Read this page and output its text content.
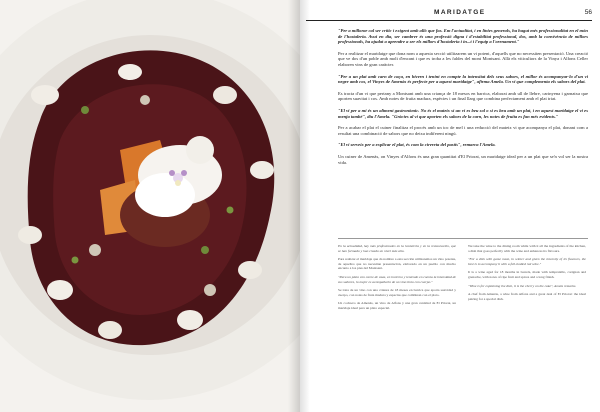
MARIDATGE	56

"Per a millorar cal ser crític i exigent amb allò que fas. Em l'actualitat, i en línies generals, ha hagut més professionalitat en el món de l'hostaleria. Avui en dia, ser cambrer és una professió digna i d'estabilitat professional, dos, amb la convivència de millors professionals, ha ajudat a aprendre a ser els millors d'hostaleria i in...t i l'equip a l'orenament."

Per a realitzar el maridatge que dona nom a aquesta secció utilitzarem un vi potent, d'aquells que no necessiten presentació. Una creació que ve dos d'un poble amb molt d'encant i que es troba a les faldes del mont Montsant. Allà els viticultors de la Vinya i Alfons Celler elaboren vins de gran caràcter.

"Per a un plat amb carn de caça, en hivern i tenint en compte la intensitat dels seus sabors, el millor és acompanyar-lo d'un vi negre amb cos, el Vinyes de Amenàs és perfecte per a aquest maridatge", afirma Amela. Un vi que complementa els sabors del plat.

Es tracta d'un vi que pertany a Montsant amb una criança de 18 mesos en barrica, elaborat amb ull de llebre, carinyena i garnatxa que aporten suavitat i cos. Amb notes de fruita madura, espècies i un final llarg que combina perfectament amb el plat triat.

"El vi per a mi és un aliment gastronòmic. No és el mateix si un vi es beu sol o si es beu amb un plat, i en aquest maridatge el vi es menja també", diu l'Amela. "Gràcies al vi que aporten els sabors de la carn, les notes de fruita es fan més evidents."

Per a acabar el plat el cuiner finalitza el procés amb un toc de mel i una reducció del mateix vi que acompanya el plat, donant com a resultat una combinació de sabors que no deixa indiferent ningú.

"El vi serveix per a explicar el plat, és com la cirereta del pastís", remarca l'Amela.

Un cuiner de Amenàs, on Vinyes d'Alfons és una gran quantitat d'El Priorat, un maridatge ideal per a un plat que se'n vol ser la nostra vida.

En la actualidad, hay más profesionales en la hostelería y en la restauración, que se han formado y han creado un nivel más alto.

Para realizar el maridaje que da nombre a esta sección utilizaremos un vino potente, de aquellos que no necesitan presentación, elaborado en un pueblo con mucho encanto a los pies del Montsant.

"Para un plato con carne de caza, en invierno y teniendo en cuenta la intensidad de sus sabores, lo mejor es acompañarlo de un vino tinto con cuerpo."

Se trata de un vino con una crianza de 18 meses en barrica que aporta suavidad y cuerpo, con notas de fruta madura y especias que combinan con el plato.

Un cocinero de Amenàs, un vino de Alfons y una gran cantidad de El Priorat, un maridaje ideal para un plato especial.

We take the wine to the dining room while with it all the ingredients of the kitchen, a dish that goes perfectly with the wine and enhances its flavours.

"For a dish with game meat, in winter and given the intensity of its flavours, the best is to accompany it with a full-bodied red wine."

It is a wine aged for 18 months in barrels, made with tempranillo, carignan and grenache, with notes of ripe fruit and spices and a long finish.

"Wine is for explaining the dish, it is the cherry on the cake", Amela remarks.

A chef from Amenàs, a wine from Alfons and a great deal of El Priorat: the ideal pairing for a special dish.
